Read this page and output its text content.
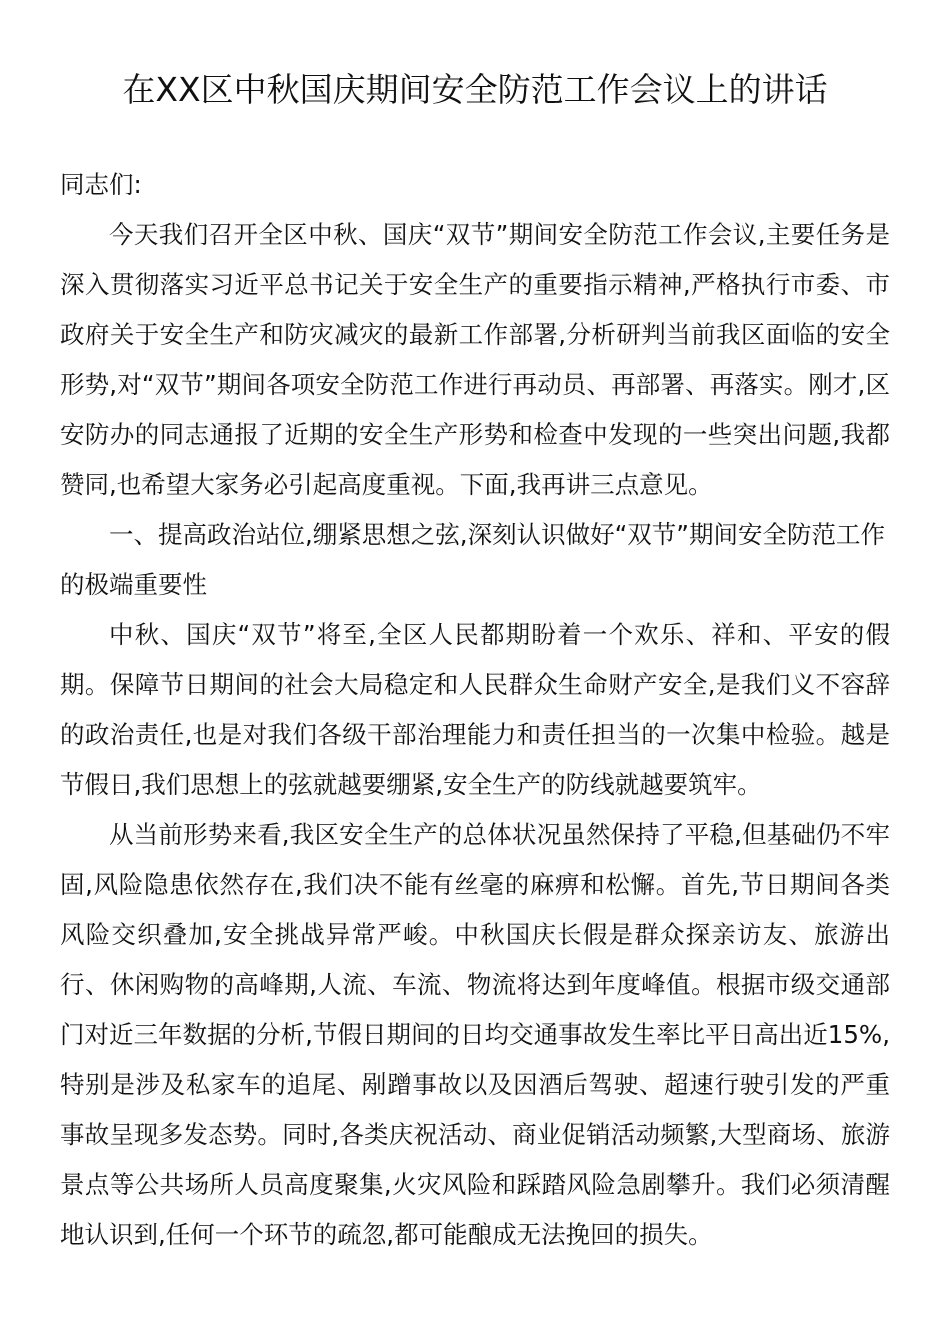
在XX区中秋国庆期间安全防范工作会议上的讲话

同志们:

今天我们召开全区中秋、国庆“双节”期间安全防范工作会议,主要任务是深入贯彻落实习近平总书记关于安全生产的重要指示精神,严格执行市委、市政府关于安全生产和防灾减灾的最新工作部署,分析研判当前我区面临的安全形势,对“双节”期间各项安全防范工作进行再动员、再部署、再落实。刚才,区安防办的同志通报了近期的安全生产形势和检查中发现的一些突出问题,我都赞同,也希望大家务必引起高度重视。下面,我再讲三点意见。

一、提高政治站位,绷紧思想之弦,深刻认识做好“双节”期间安全防范工作的极端重要性

中秋、国庆“双节”将至,全区人民都期盼着一个欢乐、祥和、平安的假期。保障节日期间的社会大局稳定和人民群众生命财产安全,是我们义不容辞的政治责任,也是对我们各级干部治理能力和责任担当的一次集中检验。越是节假日,我们思想上的弦就越要绷紧,安全生产的防线就越要筑牢。

从当前形势来看,我区安全生产的总体状况虽然保持了平稳,但基础仍不牢固,风险隐患依然存在,我们决不能有丝毫的麻痹和松懈。首先,节日期间各类风险交织叠加,安全挑战异常严峻。中秋国庆长假是群众探亲访友、旅游出行、休闲购物的高峰期,人流、车流、物流将达到年度峰值。根据市级交通部门对近三年数据的分析,节假日期间的日均交通事故发生率比平日高出近15%,特别是涉及私家车的追尾、剐蹭事故以及因酒后驾驶、超速行驶引发的严重事故呈现多发态势。同时,各类庆祝活动、商业促销活动频繁,大型商场、旅游景点等公共场所人员高度聚集,火灾风险和踩踏风险急剧攀升。我们必须清醒地认识到,任何一个环节的疏忽,都可能酿成无法挽回的损失。
